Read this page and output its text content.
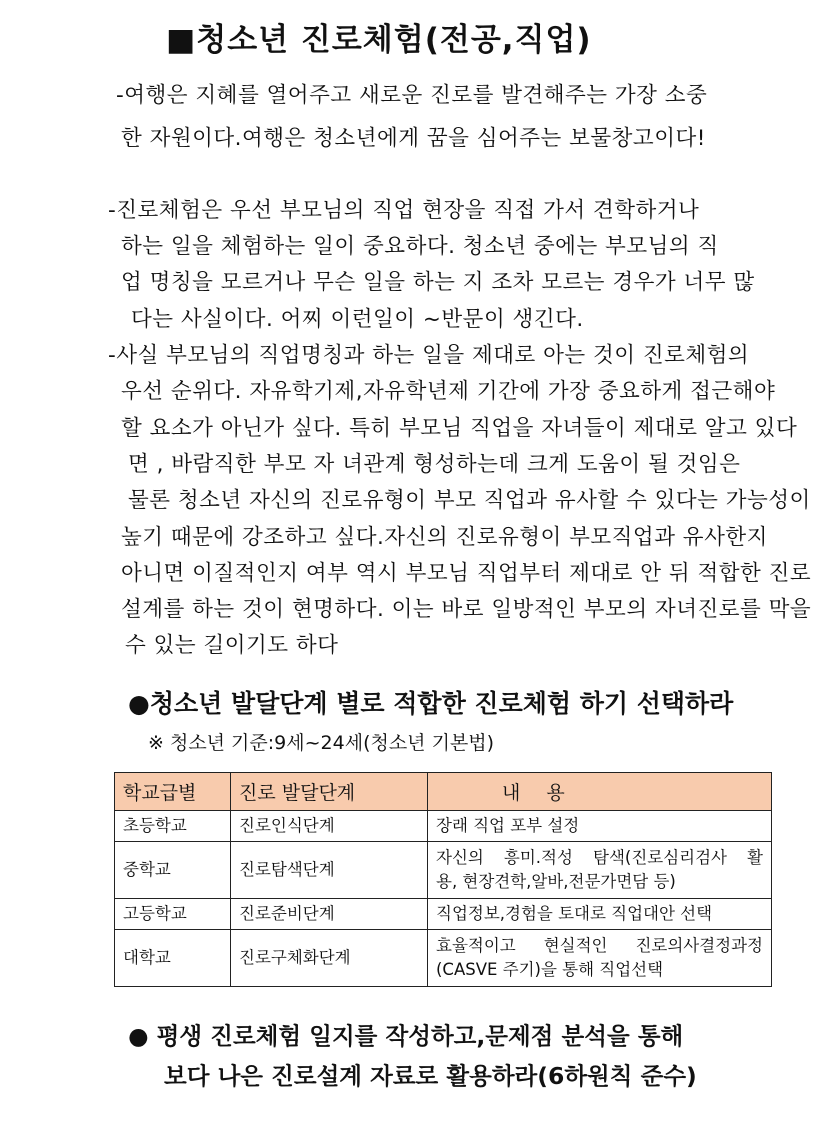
■청소년 진로체험(전공,직업)
-여행은 지혜를 열어주고 새로운 진로를 발견해주는 가장 소중
한 자원이다.여행은 청소년에게 꿈을 심어주는 보물창고이다!
-진로체험은 우선 부모님의 직업 현장을 직접 가서 견학하거나
하는 일을 체험하는 일이 중요하다. 청소년 중에는 부모님의 직
업 명칭을 모르거나 무슨 일을 하는 지 조차 모르는 경우가 너무 많
다는 사실이다. 어찌 이런일이 ~반문이 생긴다.
-사실 부모님의 직업명칭과 하는 일을 제대로 아는 것이 진로체험의
우선 순위다. 자유학기제,자유학년제 기간에 가장 중요하게 접근해야
할 요소가 아닌가 싶다. 특히 부모님 직업을 자녀들이 제대로 알고 있다
면 , 바람직한 부모 자 녀관계 형성하는데 크게 도움이 될 것임은
물론 청소년 자신의 진로유형이 부모 직업과 유사할 수 있다는 가능성이
높기 때문에 강조하고 싶다.자신의 진로유형이 부모직업과 유사한지
아니면 이질적인지 여부 역시 부모님 직업부터 제대로 안 뒤 적합한 진로
설계를 하는 것이 현명하다. 이는 바로 일방적인 부모의 자녀진로를 막을
수 있는 길이기도 하다
●청소년 발달단계 별로 적합한 진로체험 하기 선택하라
※ 청소년 기준:9세~24세(청소년 기본법)
학교급별	진로 발달단계	내 용
초등학교	진로인식단계	장래 직업 포부 설정
중학교	진로탐색단계	자신의 흥미.적성 탐색(진로심리검사 활
용, 현장견학,알바,전문가면담 등)

고등학교	진로준비단계	직업정보,경험을 토대로 직업대안 선택
대학교	진로구체화단계	효율적이고 현실적인 진로의사결정과정
(CASVE 주기)을 통해 직업선택
● 평생 진로체험 일지를 작성하고,문제점 분석을 통해
보다 나은 진로설계 자료로 활용하라(6하원칙 준수)
